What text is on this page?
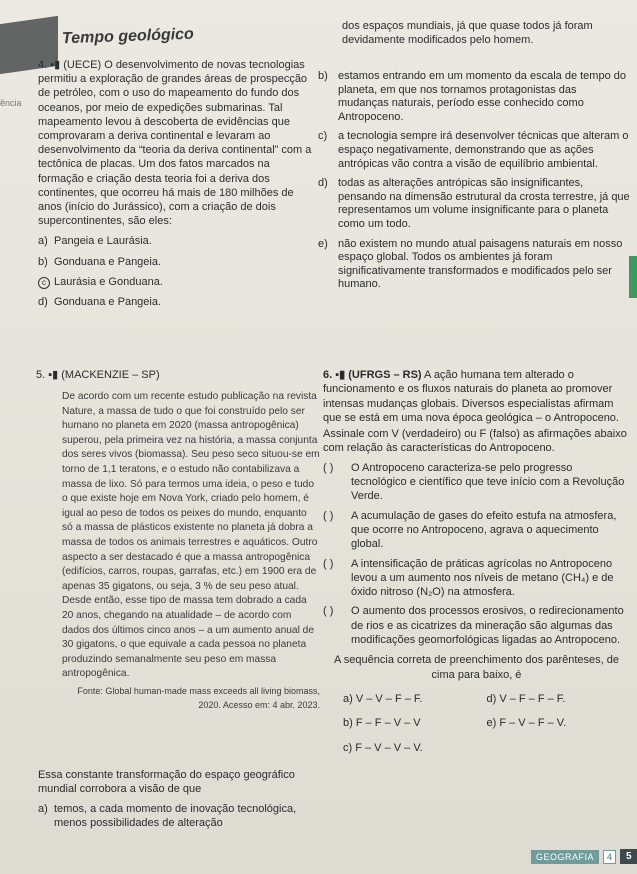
Tempo geológico
ência

4. ▪▮ (UECE) O desenvolvimento de novas tecnologias permitiu a exploração de grandes áreas de prospecção de petróleo, com o uso do mapeamento do fundo dos oceanos, por meio de expedições submarinas. Tal mapeamento levou à descoberta de evidências que comprovaram a deriva continental e levaram ao desenvolvimento da “teoria da deriva continental” com a tectônica de placas. Um dos fatos marcados na formação e criação desta teoria foi a deriva dos continentes, que ocorreu há mais de 180 milhões de anos (início do Jurássico), com a criação de dois supercontinentes, são eles:

a) Pangeia e Laurásia.
b) Gonduana e Pangeia.
c Laurásia e Gonduana.
d) Gonduana e Pangeia.
dos espaços mundiais, já que quase todos já foram devidamente modificados pelo homem.
b) estamos entrando em um momento da escala de tempo do planeta, em que nos tornamos protagonistas das mudanças naturais, período esse conhecido como Antropoceno.
c) a tecnologia sempre irá desenvolver técnicas que alteram o espaço negativamente, demonstrando que as ações antrópicas vão contra a visão de equilíbrio ambiental.
d) todas as alterações antrópicas são insignificantes, pensando na dimensão estrutural da crosta terrestre, já que representamos um volume insignificante para o planeta como um todo.
e) não existem no mundo atual paisagens naturais em nosso espaço global. Todos os ambientes já foram significativamente transformados e modificados pelo ser humano.
5. ▪▮ (MACKENZIE – SP)

De acordo com um recente estudo publicação na revista Nature, a massa de tudo o que foi construído pelo ser humano no planeta em 2020 (massa antropogênica) superou, pela primeira vez na história, a massa conjunta dos seres vivos (biomassa). Seu peso seco situou-se em torno de 1,1 teratons, e o estudo não contabilizava a massa de lixo. Só para termos uma ideia, o peso e tudo o que existe hoje em Nova York, criado pelo homem, é igual ao peso de todos os peixes do mundo, enquanto só a massa de plásticos existente no planeta já dobra a massa de todos os animais terrestres e aquáticos. Outro aspecto a ser destacado é que a massa antropogênica (edifícios, carros, roupas, garrafas, etc.) em 1900 era de apenas 35 gigatons, ou seja, 3 % de seu peso atual. Desde então, esse tipo de massa tem dobrado a cada 20 anos, chegando na atualidade – de acordo com dados dos últimos cinco anos – a um aumento anual de 30 gigatons, o que equivale a cada pessoa no planeta produzindo semanalmente seu peso em massa antropogênica.

Fonte: Global human-made mass exceeds all living biomass, 2020. Acesso em: 4 abr. 2023.

Essa constante transformação do espaço geográfico mundial corrobora a visão de que

a) temos, a cada momento de inovação tecnológica, menos possibilidades de alteração

6. ▪▮ (UFRGS – RS) A ação humana tem alterado o funcionamento e os fluxos naturais do planeta ao promover intensas mudanças globais. Diversos especialistas afirmam que se está em uma nova época geológica – o Antropoceno.

Assinale com V (verdadeiro) ou F (falso) as afirmações abaixo com relação às características do Antropoceno.

( )	O Antropoceno caracteriza-se pelo progresso tecnológico e científico que teve início com a Revolução Verde.
( )	A acumulação de gases do efeito estufa na atmosfera, que ocorre no Antropoceno, agrava o aquecimento global.
( )	A intensificação de práticas agrícolas no Antropoceno levou a um aumento nos níveis de metano (CH₄) e de óxido nitroso (N₂O) na atmosfera.
( )	O aumento dos processos erosivos, o redirecionamento de rios e as cicatrizes da mineração são algumas das modificações geomorfológicas ligadas ao Antropoceno.

A sequência correta de preenchimento dos parênteses, de cima para baixo, é

a) V – V – F – F.	d) V – F – F – F.
b) F – F – V – V	e) F – V – F – V.
c) F – V – V – V.
GEOGRAFIA	4	5
